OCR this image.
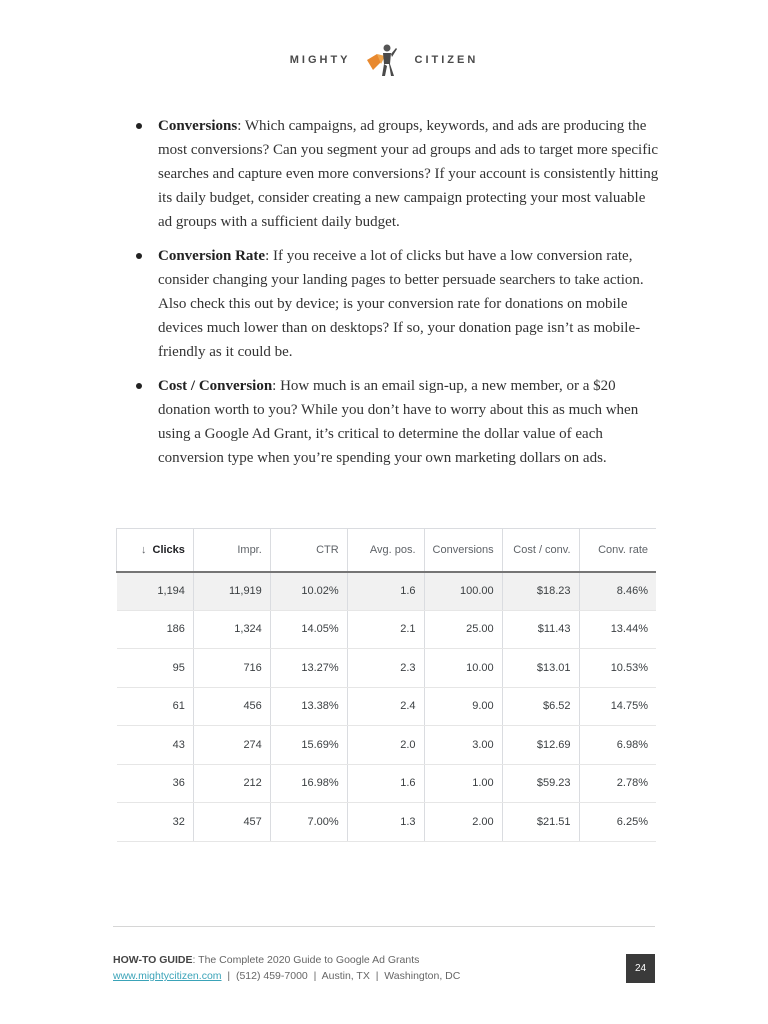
MIGHTY	CITIZEN
Conversions: Which campaigns, ad groups, keywords, and ads are producing the most conversions? Can you segment your ad groups and ads to target more specific searches and capture even more conversions? If your account is consistently hitting its daily budget, consider creating a new campaign protecting your most valuable ad groups with a sufficient daily budget.
Conversion Rate: If you receive a lot of clicks but have a low conversion rate, consider changing your landing pages to better persuade searchers to take action. Also check this out by device; is your conversion rate for donations on mobile devices much lower than on desktops? If so, your donation page isn’t as mobile-friendly as it could be.
Cost / Conversion: How much is an email sign-up, a new member, or a $20 donation worth to you? While you don’t have to worry about this as much when using a Google Ad Grant, it’s critical to determine the dollar value of each conversion type when you’re spending your own marketing dollars on ads.
↓ Clicks	Impr.	CTR	Avg. pos.	Conversions	Cost / conv.	Conv. rate
1,194	11,919	10.02%	1.6	100.00	$18.23	8.46%
186	1,324	14.05%	2.1	25.00	$11.43	13.44%
95	716	13.27%	2.3	10.00	$13.01	10.53%
61	456	13.38%	2.4	9.00	$6.52	14.75%
43	274	15.69%	2.0	3.00	$12.69	6.98%
36	212	16.98%	1.6	1.00	$59.23	2.78%
32	457	7.00%	1.3	2.00	$21.51	6.25%
HOW-TO GUIDE: The Complete 2020 Guide to Google Ad Grants
www.mightycitizen.com | (512) 459-7000 | Austin, TX | Washington, DC
24
